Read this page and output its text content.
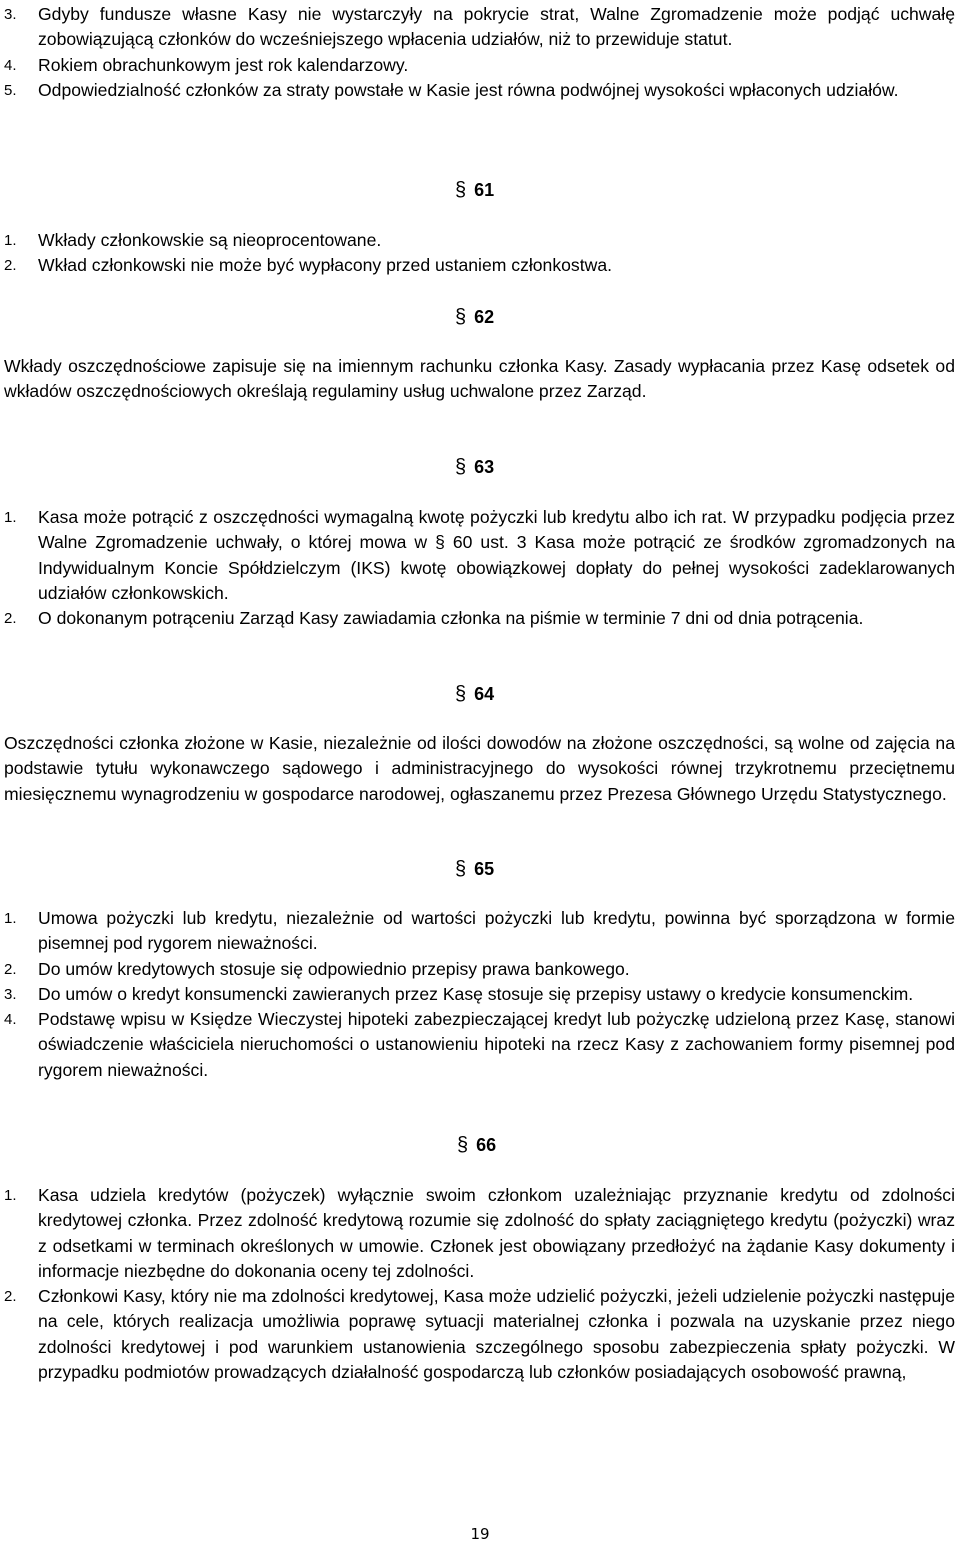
3.	Gdyby fundusze własne Kasy nie wystarczyły na pokrycie strat, Walne Zgromadzenie może podjąć uchwałę zobowiązującą członków do wcześniejszego wpłacenia udziałów, niż to przewiduje statut.
4.	Rokiem obrachunkowym jest rok kalendarzowy.
5.	Odpowiedzialność członków za straty powstałe w Kasie jest równa podwójnej wysokości wpłaconych udziałów.
§ 61
1.	Wkłady członkowskie są nieoprocentowane.
2.	Wkład członkowski nie może być wypłacony przed ustaniem członkostwa.
§ 62

Wkłady oszczędnościowe zapisuje się na imiennym rachunku członka Kasy. Zasady wypłacania przez Kasę odsetek od wkładów oszczędnościowych określają regulaminy usług uchwalone przez Zarząd.

§ 63
1.	Kasa może potrącić z oszczędności wymagalną kwotę pożyczki lub kredytu albo ich rat. W przypadku podjęcia przez Walne Zgromadzenie uchwały, o której mowa w § 60 ust. 3 Kasa może potrącić ze środków zgromadzonych na Indywidualnym Koncie Spółdzielczym (IKS) kwotę obowiązkowej dopłaty do pełnej wysokości zadeklarowanych udziałów członkowskich.
2.	O dokonanym potrąceniu Zarząd Kasy zawiadamia członka na piśmie w terminie 7 dni od dnia potrącenia.
§ 64

Oszczędności członka złożone w Kasie, niezależnie od ilości dowodów na złożone oszczędności, są wolne od zajęcia na podstawie tytułu wykonawczego sądowego i administracyjnego do wysokości równej trzykrotnemu przeciętnemu miesięcznemu wynagrodzeniu w gospodarce narodowej, ogłaszanemu przez Prezesa Głównego Urzędu Statystycznego.

§ 65
1.	Umowa pożyczki lub kredytu, niezależnie od wartości pożyczki lub kredytu, powinna być sporządzona w formie pisemnej pod rygorem nieważności.
2.	Do umów kredytowych stosuje się odpowiednio przepisy prawa bankowego.
3.	Do umów o kredyt konsumencki zawieranych przez Kasę stosuje się przepisy ustawy o kredycie konsumenckim.
4.	Podstawę wpisu w Księdze Wieczystej hipoteki zabezpieczającej kredyt lub pożyczkę udzieloną przez Kasę, stanowi oświadczenie właściciela nieruchomości o ustanowieniu hipoteki na rzecz Kasy z zachowaniem formy pisemnej pod rygorem nieważności.
§ 66
1.	Kasa udziela kredytów (pożyczek) wyłącznie swoim członkom uzależniając przyznanie kredytu od zdolności kredytowej członka. Przez zdolność kredytową rozumie się zdolność do spłaty zaciągniętego kredytu (pożyczki) wraz z odsetkami w terminach określonych w umowie. Członek jest obowiązany przedłożyć na żądanie Kasy dokumenty i informacje niezbędne do dokonania oceny tej zdolności.
2.	Członkowi Kasy, który nie ma zdolności kredytowej, Kasa może udzielić pożyczki, jeżeli udzielenie pożyczki następuje na cele, których realizacja umożliwia poprawę sytuacji materialnej członka i pozwala na uzyskanie przez niego zdolności kredytowej i pod warunkiem ustanowienia szczególnego sposobu zabezpieczenia spłaty pożyczki. W przypadku podmiotów prowadzących działalność gospodarczą lub członków posiadających osobowość prawną,
19
